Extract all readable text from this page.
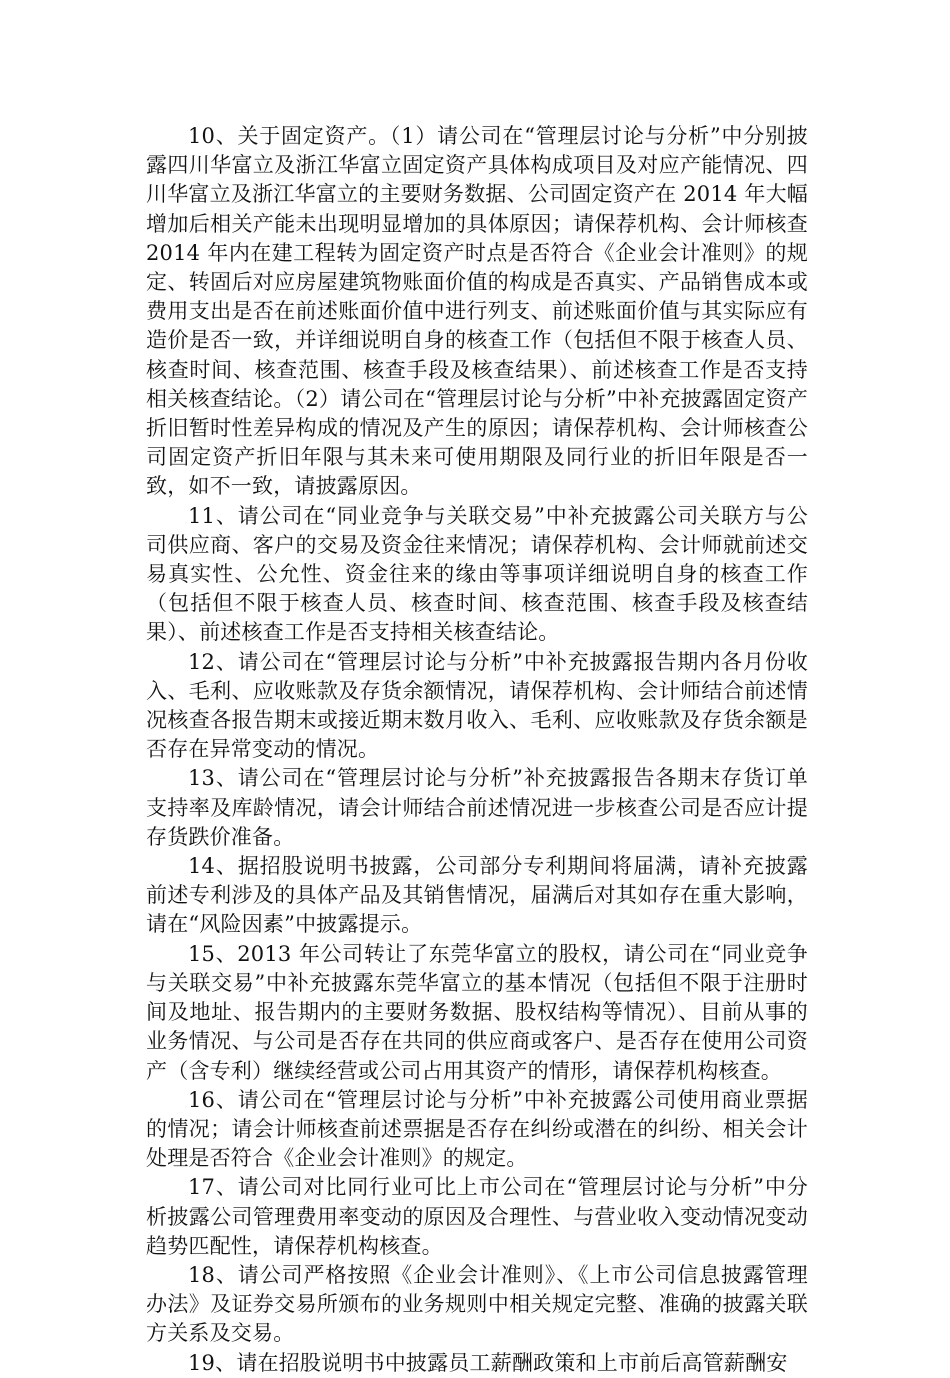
10、关于固定资产。（1）请公司在“管理层讨论与分析”中分别披露四川华富立及浙江华富立固定资产具体构成项目及对应产能情况、四川华富立及浙江华富立的主要财务数据、公司固定资产在 2014 年大幅增加后相关产能未出现明显增加的具体原因；请保荐机构、会计师核查 2014 年内在建工程转为固定资产时点是否符合《企业会计准则》的规定、转固后对应房屋建筑物账面价值的构成是否真实、产品销售成本或费用支出是否在前述账面价值中进行列支、前述账面价值与其实际应有造价是否一致，并详细说明自身的核查工作（包括但不限于核查人员、核查时间、核查范围、核查手段及核查结果）、前述核查工作是否支持相关核查结论。（2）请公司在“管理层讨论与分析”中补充披露固定资产折旧暂时性差异构成的情况及产生的原因；请保荐机构、会计师核查公司固定资产折旧年限与其未来可使用期限及同行业的折旧年限是否一致，如不一致，请披露原因。

11、请公司在“同业竞争与关联交易”中补充披露公司关联方与公司供应商、客户的交易及资金往来情况；请保荐机构、会计师就前述交易真实性、公允性、资金往来的缘由等事项详细说明自身的核查工作（包括但不限于核查人员、核查时间、核查范围、核查手段及核查结果）、前述核查工作是否支持相关核查结论。

12、请公司在“管理层讨论与分析”中补充披露报告期内各月份收入、毛利、应收账款及存货余额情况，请保荐机构、会计师结合前述情况核查各报告期末或接近期末数月收入、毛利、应收账款及存货余额是否存在异常变动的情况。

13、请公司在“管理层讨论与分析”补充披露报告各期末存货订单支持率及库龄情况，请会计师结合前述情况进一步核查公司是否应计提存货跌价准备。

14、据招股说明书披露，公司部分专利期间将届满，请补充披露前述专利涉及的具体产品及其销售情况，届满后对其如存在重大影响，请在“风险因素”中披露提示。

15、2013 年公司转让了东莞华富立的股权，请公司在“同业竞争与关联交易”中补充披露东莞华富立的基本情况（包括但不限于注册时间及地址、报告期内的主要财务数据、股权结构等情况）、目前从事的业务情况、与公司是否存在共同的供应商或客户、是否存在使用公司资产（含专利）继续经营或公司占用其资产的情形，请保荐机构核查。

16、请公司在“管理层讨论与分析”中补充披露公司使用商业票据的情况；请会计师核查前述票据是否存在纠纷或潜在的纠纷、相关会计处理是否符合《企业会计准则》的规定。

17、请公司对比同行业可比上市公司在“管理层讨论与分析”中分析披露公司管理费用率变动的原因及合理性、与营业收入变动情况变动趋势匹配性，请保荐机构核查。

18、请公司严格按照《企业会计准则》、《上市公司信息披露管理办法》及证券交易所颁布的业务规则中相关规定完整、准确的披露关联方关系及交易。

19、请在招股说明书中披露员工薪酬政策和上市前后高管薪酬安
